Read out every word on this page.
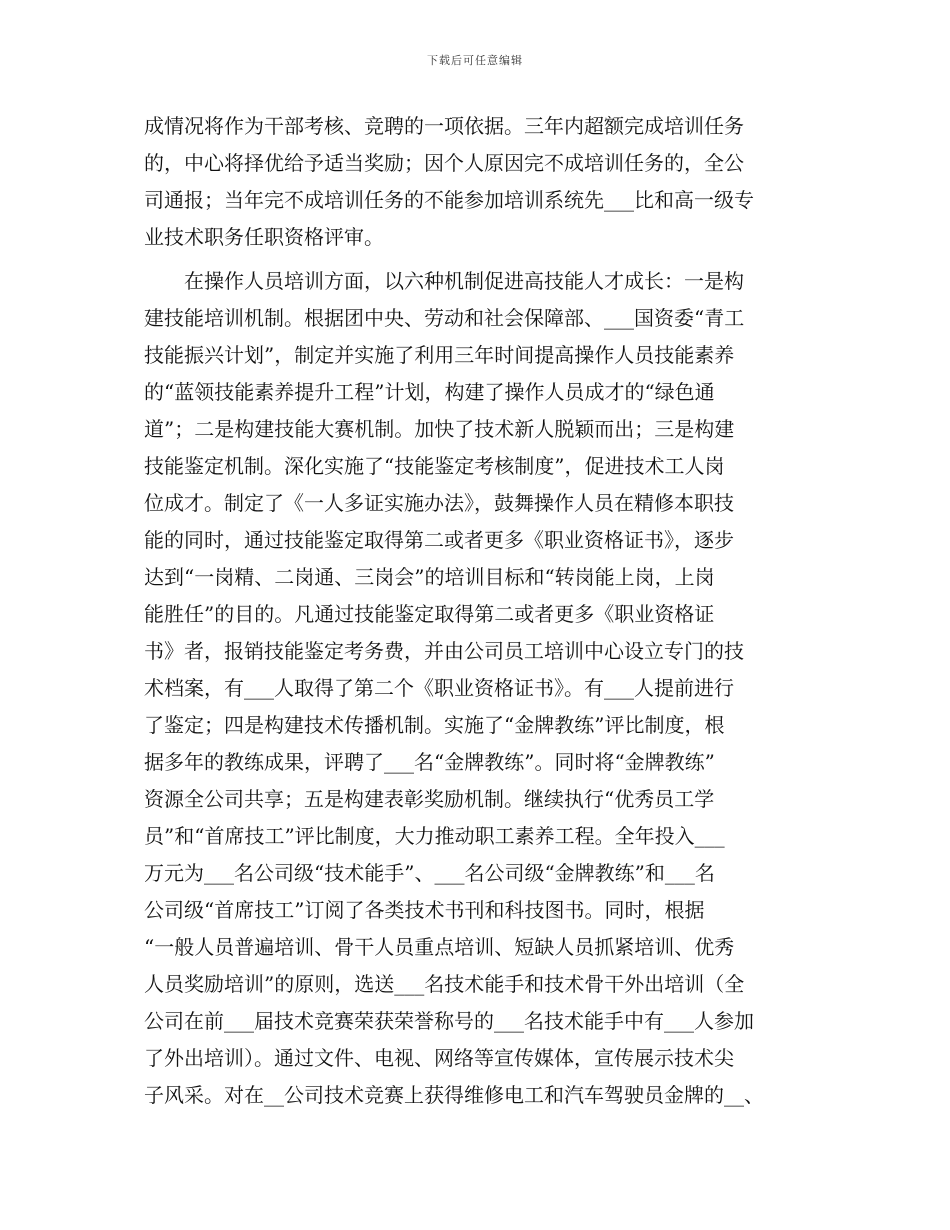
下载后可任意编辑
成情况将作为干部考核、竞聘的一项依据。三年内超额完成培训任务
的，中心将择优给予适当奖励；因个人原因完不成培训任务的，全公
司通报；当年完不成培训任务的不能参加培训系统先___比和高一级专
业技术职务任职资格评审。
　　在操作人员培训方面，以六种机制促进高技能人才成长：一是构
建技能培训机制。根据团中央、劳动和社会保障部、___国资委“青工
技能振兴计划”，制定并实施了利用三年时间提高操作人员技能素养
的“蓝领技能素养提升工程”计划，构建了操作人员成才的“绿色通
道”；二是构建技能大赛机制。加快了技术新人脱颖而出；三是构建
技能鉴定机制。深化实施了“技能鉴定考核制度”，促进技术工人岗
位成才。制定了《一人多证实施办法》，鼓舞操作人员在精修本职技
能的同时，通过技能鉴定取得第二或者更多《职业资格证书》，逐步
达到“一岗精、二岗通、三岗会”的培训目标和“转岗能上岗，上岗
能胜任”的目的。凡通过技能鉴定取得第二或者更多《职业资格证
书》者，报销技能鉴定考务费，并由公司员工培训中心设立专门的技
术档案，有___人取得了第二个《职业资格证书》。有___人提前进行
了鉴定；四是构建技术传播机制。实施了“金牌教练”评比制度，根
据多年的教练成果，评聘了___名“金牌教练”。同时将“金牌教练”
资源全公司共享；五是构建表彰奖励机制。继续执行“优秀员工学
员”和“首席技工”评比制度，大力推动职工素养工程。全年投入___
万元为___名公司级“技术能手”、___名公司级“金牌教练”和___名
公司级“首席技工”订阅了各类技术书刊和科技图书。同时，根据
“一般人员普遍培训、骨干人员重点培训、短缺人员抓紧培训、优秀
人员奖励培训”的原则，选送___名技术能手和技术骨干外出培训（全
公司在前___届技术竞赛荣获荣誉称号的___名技术能手中有___人参加
了外出培训）。通过文件、电视、网络等宣传媒体，宣传展示技术尖
子风采。对在__公司技术竞赛上获得维修电工和汽车驾驶员金牌的__、
